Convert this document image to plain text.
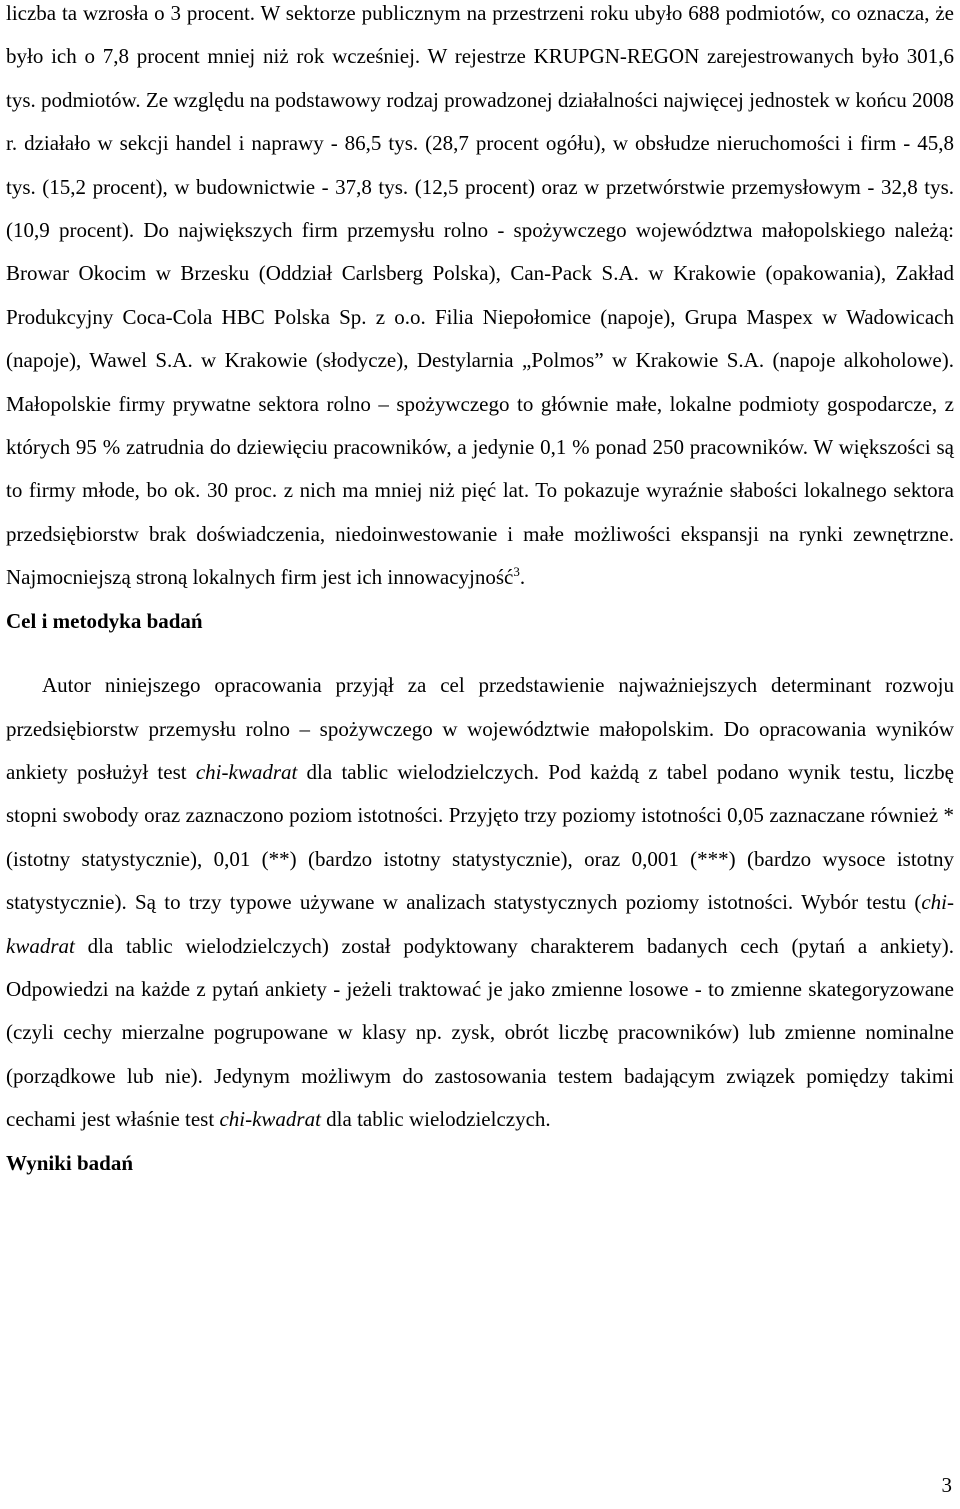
liczba ta wzrosła o 3 procent. W sektorze publicznym na przestrzeni roku ubyło 688 podmiotów, co oznacza, że było ich o 7,8 procent mniej niż rok wcześniej. W rejestrze KRUPGN-REGON zarejestrowanych było 301,6 tys. podmiotów. Ze względu na podstawowy rodzaj prowadzonej działalności najwięcej jednostek w końcu 2008 r. działało w sekcji handel i naprawy - 86,5 tys. (28,7 procent ogółu), w obsłudze nieruchomości i firm - 45,8 tys. (15,2 procent), w budownictwie - 37,8 tys. (12,5 procent) oraz w przetwórstwie przemysłowym - 32,8 tys. (10,9 procent). Do największych firm przemysłu rolno - spożywczego województwa małopolskiego należą: Browar Okocim w Brzesku (Oddział Carlsberg Polska), Can-Pack S.A. w Krakowie (opakowania), Zakład Produkcyjny Coca-Cola HBC Polska Sp. z o.o. Filia Niepołomice (napoje), Grupa Maspex w Wadowicach (napoje), Wawel S.A. w Krakowie (słodycze), Destylarnia „Polmos” w Krakowie S.A. (napoje alkoholowe). Małopolskie firmy prywatne sektora rolno – spożywczego to głównie małe, lokalne podmioty gospodarcze, z których 95 % zatrudnia do dziewięciu pracowników, a jedynie 0,1 % ponad 250 pracowników. W większości są to firmy młode, bo ok. 30 proc. z nich ma mniej niż pięć lat. To pokazuje wyraźnie słabości lokalnego sektora przedsiębiorstw brak doświadczenia, niedoinwestowanie i małe możliwości ekspansji na rynki zewnętrzne. Najmocniejszą stroną lokalnych firm jest ich innowacyjność$^3$.

Cel i metodyka badań

Autor niniejszego opracowania przyjął za cel przedstawienie najważniejszych determinant rozwoju przedsiębiorstw przemysłu rolno – spożywczego w województwie małopolskim. Do opracowania wyników ankiety posłużył test chi-kwadrat dla tablic wielodzielczych. Pod każdą z tabel podano wynik testu, liczbę stopni swobody oraz zaznaczono poziom istotności. Przyjęto trzy poziomy istotności 0,05 zaznaczane również * (istotny statystycznie), 0,01 (**) (bardzo istotny statystycznie), oraz 0,001 (***) (bardzo wysoce istotny statystycznie). Są to trzy typowe używane w analizach statystycznych poziomy istotności. Wybór testu (chi-kwadrat dla tablic wielodzielczych) został podyktowany charakterem badanych cech (pytań a ankiety). Odpowiedzi na każde z pytań ankiety - jeżeli traktować je jako zmienne losowe - to zmienne skategoryzowane (czyli cechy mierzalne pogrupowane w klasy np. zysk, obrót liczbę pracowników) lub zmienne nominalne (porządkowe lub nie). Jedynym możliwym do zastosowania testem badającym związek pomiędzy takimi cechami jest właśnie test chi-kwadrat dla tablic wielodzielczych.

Wyniki badań
3
